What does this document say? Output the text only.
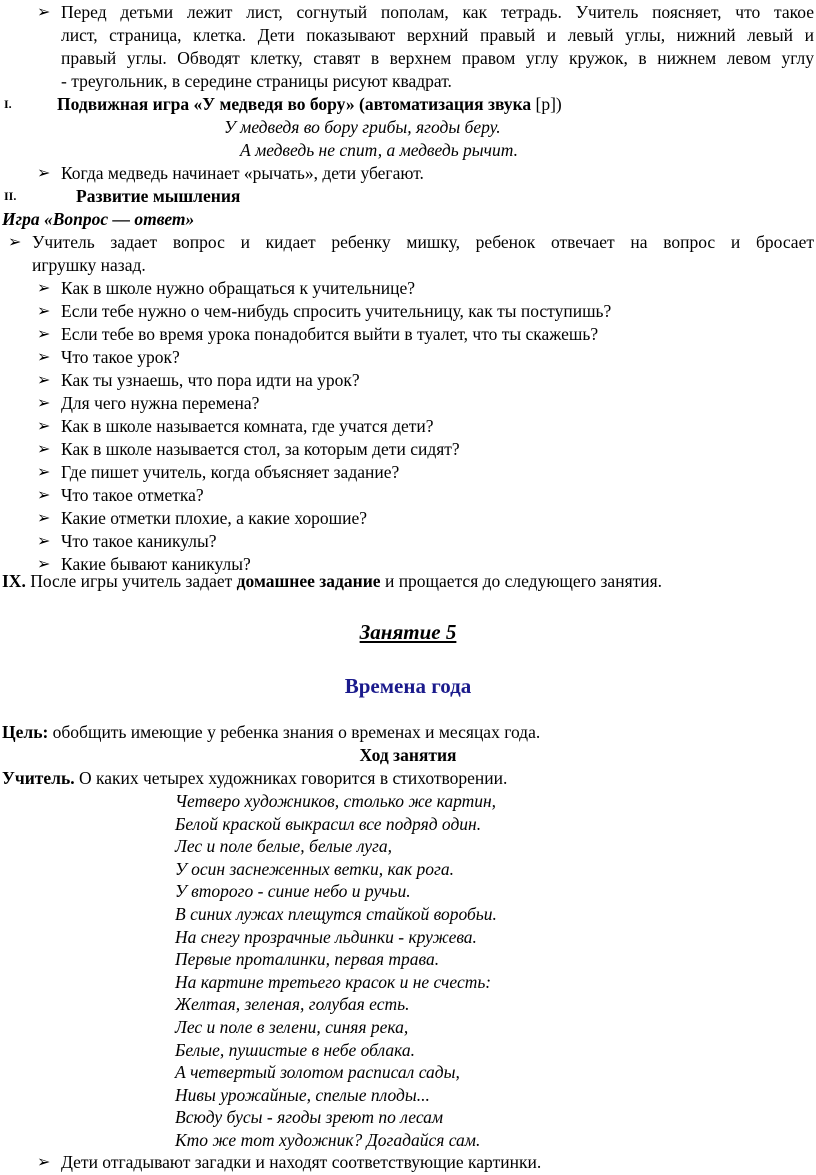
➢ Перед детьми лежит лист, согнутый пополам, как тетрадь. Учитель поясняет, что такое
лист, страница, клетка. Дети показывают верхний правый и левый углы, нижний левый и
правый углы. Обводят клетку, ставят в верхнем правом углу кружок, в нижнем левом углу
- треугольник, в середине страницы рисуют квадрат.
I.	Подвижная игра «У медведя во бору» (автоматизация звука [р])
У медведя во бору грибы, ягоды беру.
А медведь не спит, а медведь рычит.
➢ Когда медведь начинает «рычать», дети убегают.
II.	Развитие мышления
Игра «Вопрос — ответ»
➢ Учитель задает вопрос и кидает ребенку мишку, ребенок отвечает на вопрос и бросает
игрушку назад.
➢ Как в школе нужно обращаться к учительнице?
➢ Если тебе нужно о чем-нибудь спросить учительницу, как ты поступишь?
➢ Если тебе во время урока понадобится выйти в туалет, что ты скажешь?
➢ Что такое урок?
➢ Как ты узнаешь, что пора идти на урок?
➢ Для чего нужна перемена?
➢ Как в школе называется комната, где учатся дети?
➢ Как в школе называется стол, за которым дети сидят?
➢ Где пишет учитель, когда объясняет задание?
➢ Что такое отметка?
➢ Какие отметки плохие, а какие хорошие?
➢ Что такое каникулы?
➢ Какие бывают каникулы?
IX. После игры учитель задает домашнее задание и прощается до следующего занятия.
Занятие 5
Времена года
Цель: обобщить имеющие у ребенка знания о временах и месяцах года.
Ход занятия
Учитель. О каких четырех художниках говорится в стихотворении.
Четверо художников, столько же картин,
Белой краской выкрасил все подряд один.
Лес и поле белые, белые луга,
У осин заснеженных ветки, как рога.
У второго - синие небо и ручьи.
В синих лужах плещутся стайкой воробьи.
На снегу прозрачные льдинки - кружева.
Первые проталинки, первая трава.
На картине третьего красок и не счесть:
Желтая, зеленая, голубая есть.
Лес и поле в зелени, синяя река,
Белые, пушистые в небе облака.
А четвертый золотом расписал сады,
Нивы урожайные, спелые плоды...
Всюду бусы - ягоды зреют по лесам
Кто же тот художник? Догадайся сам.
➢ Дети отгадывают загадки и находят соответствующие картинки.
